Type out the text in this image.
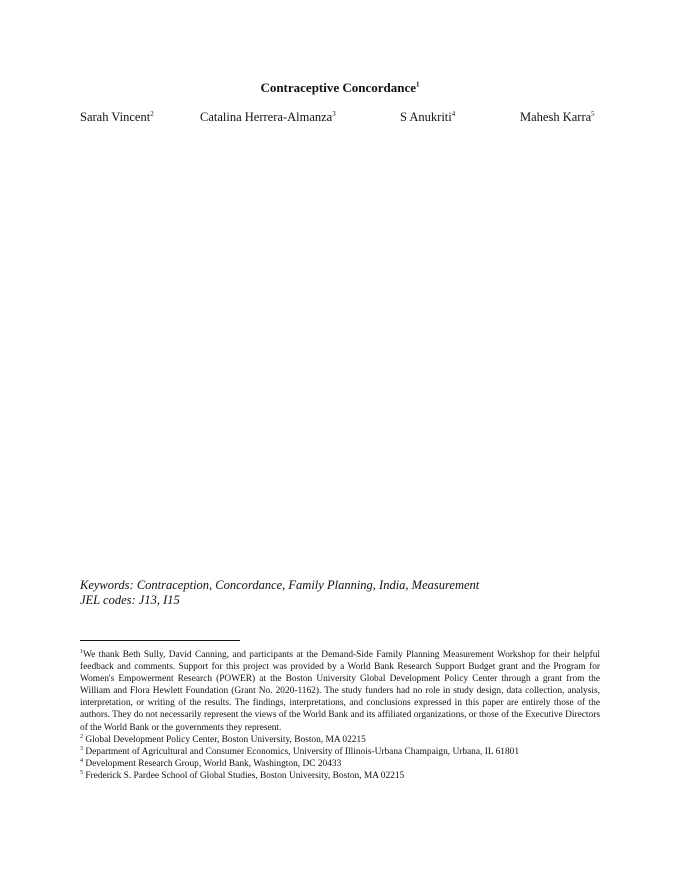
Contraceptive Concordance$^1$
Sarah Vincent$^2$	Catalina Herrera-Almanza$^3$	S Anukriti$^4$	Mahesh Karra$^5$
Keywords: Contraception, Concordance, Family Planning, India, Measurement
JEL codes: J13, I15

$^1$We thank Beth Sully, David Canning, and participants at the Demand-Side Family Planning Measurement Workshop for their helpful feedback and comments. Support for this project was provided by a World Bank Research Support Budget grant and the Program for Women's Empowerment Research (POWER) at the Boston University Global Development Policy Center through a grant from the William and Flora Hewlett Foundation (Grant No. 2020-1162). The study funders had no role in study design, data collection, analysis, interpretation, or writing of the results. The findings, interpretations, and conclusions expressed in this paper are entirely those of the authors. They do not necessarily represent the views of the World Bank and its affiliated organizations, or those of the Executive Directors of the World Bank or the governments they represent.

$^2$ Global Development Policy Center, Boston University, Boston, MA 02215

$^3$ Department of Agricultural and Consumer Economics, University of Illinois-Urbana Champaign, Urbana, IL 61801

$^4$ Development Research Group, World Bank, Washington, DC 20433

$^5$ Frederick S. Pardee School of Global Studies, Boston University, Boston, MA 02215
